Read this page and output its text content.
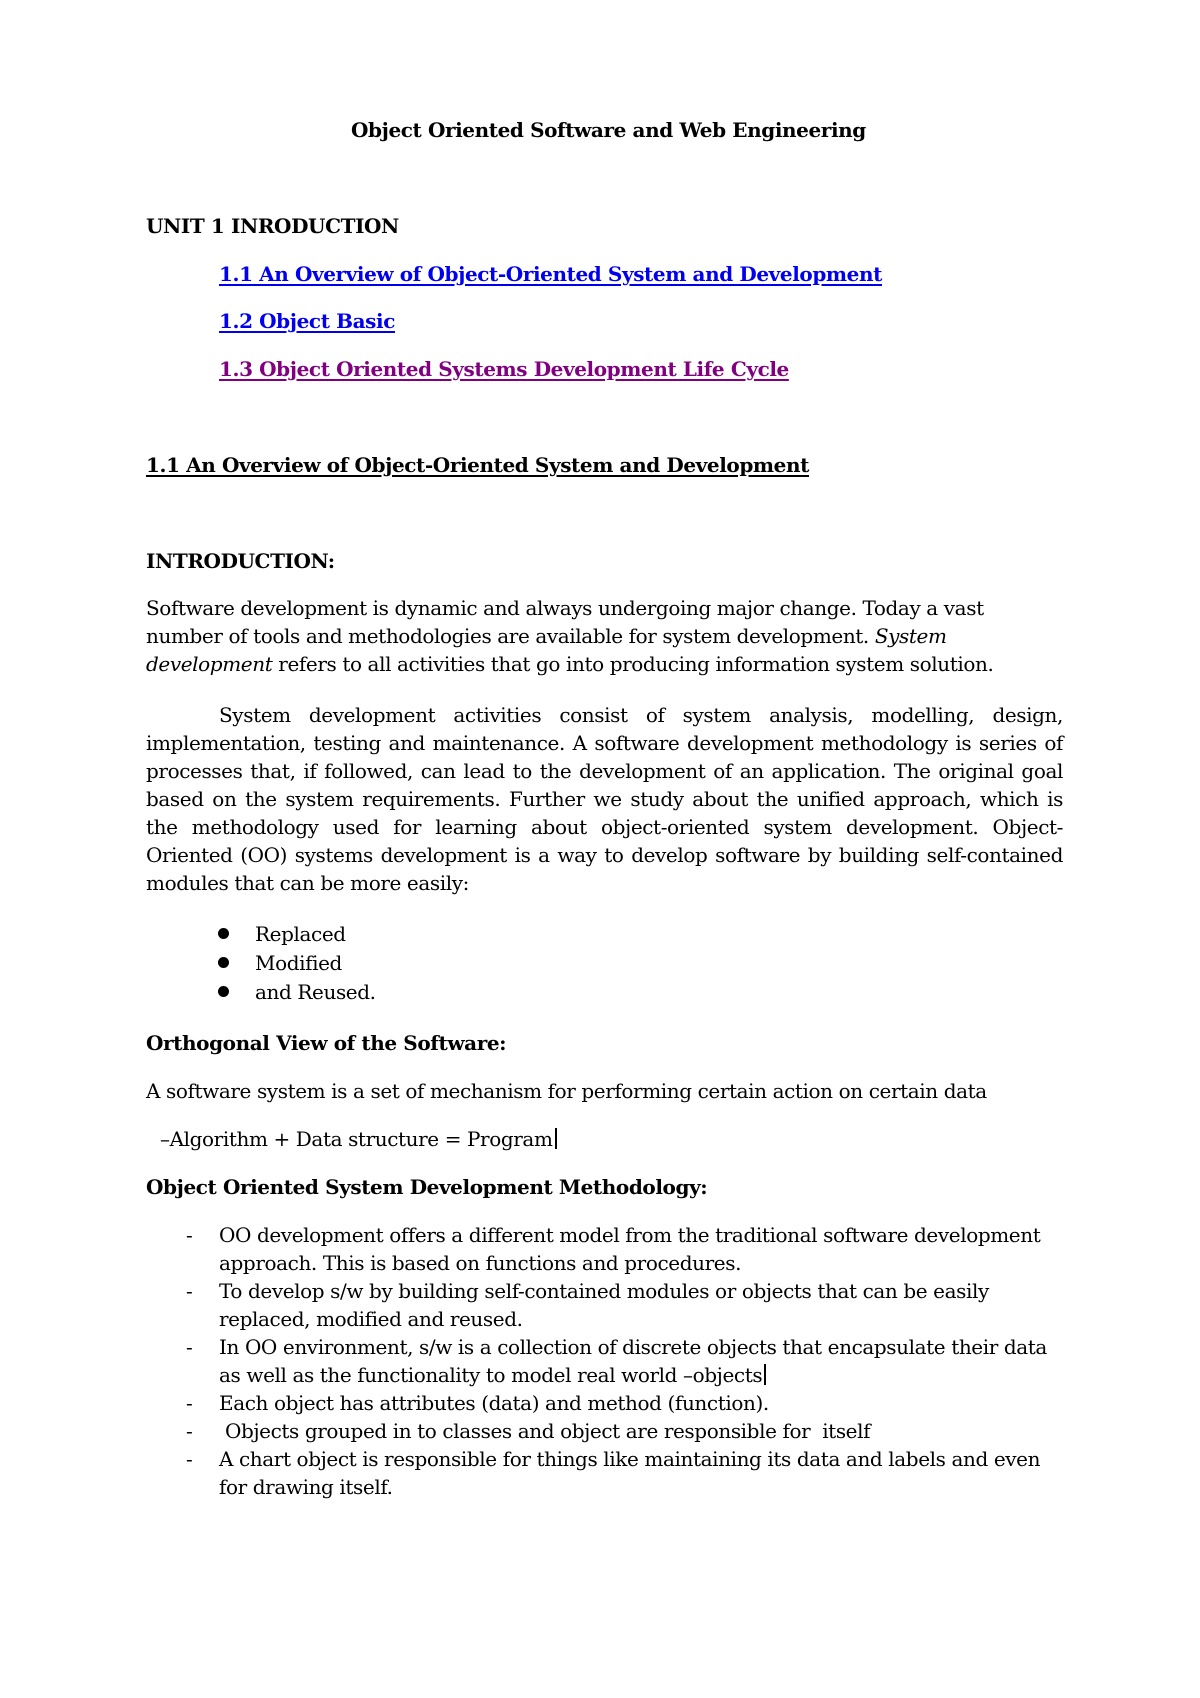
Object Oriented Software and Web Engineering
UNIT 1 INRODUCTION
1.1 An Overview of Object-Oriented System and Development
1.2 Object Basic
1.3 Object Oriented Systems Development Life Cycle
1.1 An Overview of Object-Oriented System and Development
INTRODUCTION:

Software development is dynamic and always undergoing major change. Today a vast number of tools and methodologies are available for system development. System development refers to all activities that go into producing information system solution.

System development activities consist of system analysis, modelling, design, implementation, testing and maintenance. A software development methodology is series of processes that, if followed, can lead to the development of an application. The original goal based on the system requirements. Further we study about the unified approach, which is the methodology used for learning about object-oriented system development. Object-Oriented (OO) systems development is a way to develop software by building self-contained modules that can be more easily:

Replaced
Modified
and Reused.
Orthogonal View of the Software:
A software system is a set of mechanism for performing certain action on certain data
–Algorithm + Data structure = Program
Object Oriented System Development Methodology:
- OO development offers a different model from the traditional software development approach. This is based on functions and procedures.
- To develop s/w by building self-contained modules or objects that can be easily replaced, modified and reused.
- In OO environment, s/w is a collection of discrete objects that encapsulate their data as well as the functionality to model real world –objects
- Each object has attributes (data) and method (function).
- Objects grouped in to classes and object are responsible for  itself
- A chart object is responsible for things like maintaining its data and labels and even for drawing itself.
